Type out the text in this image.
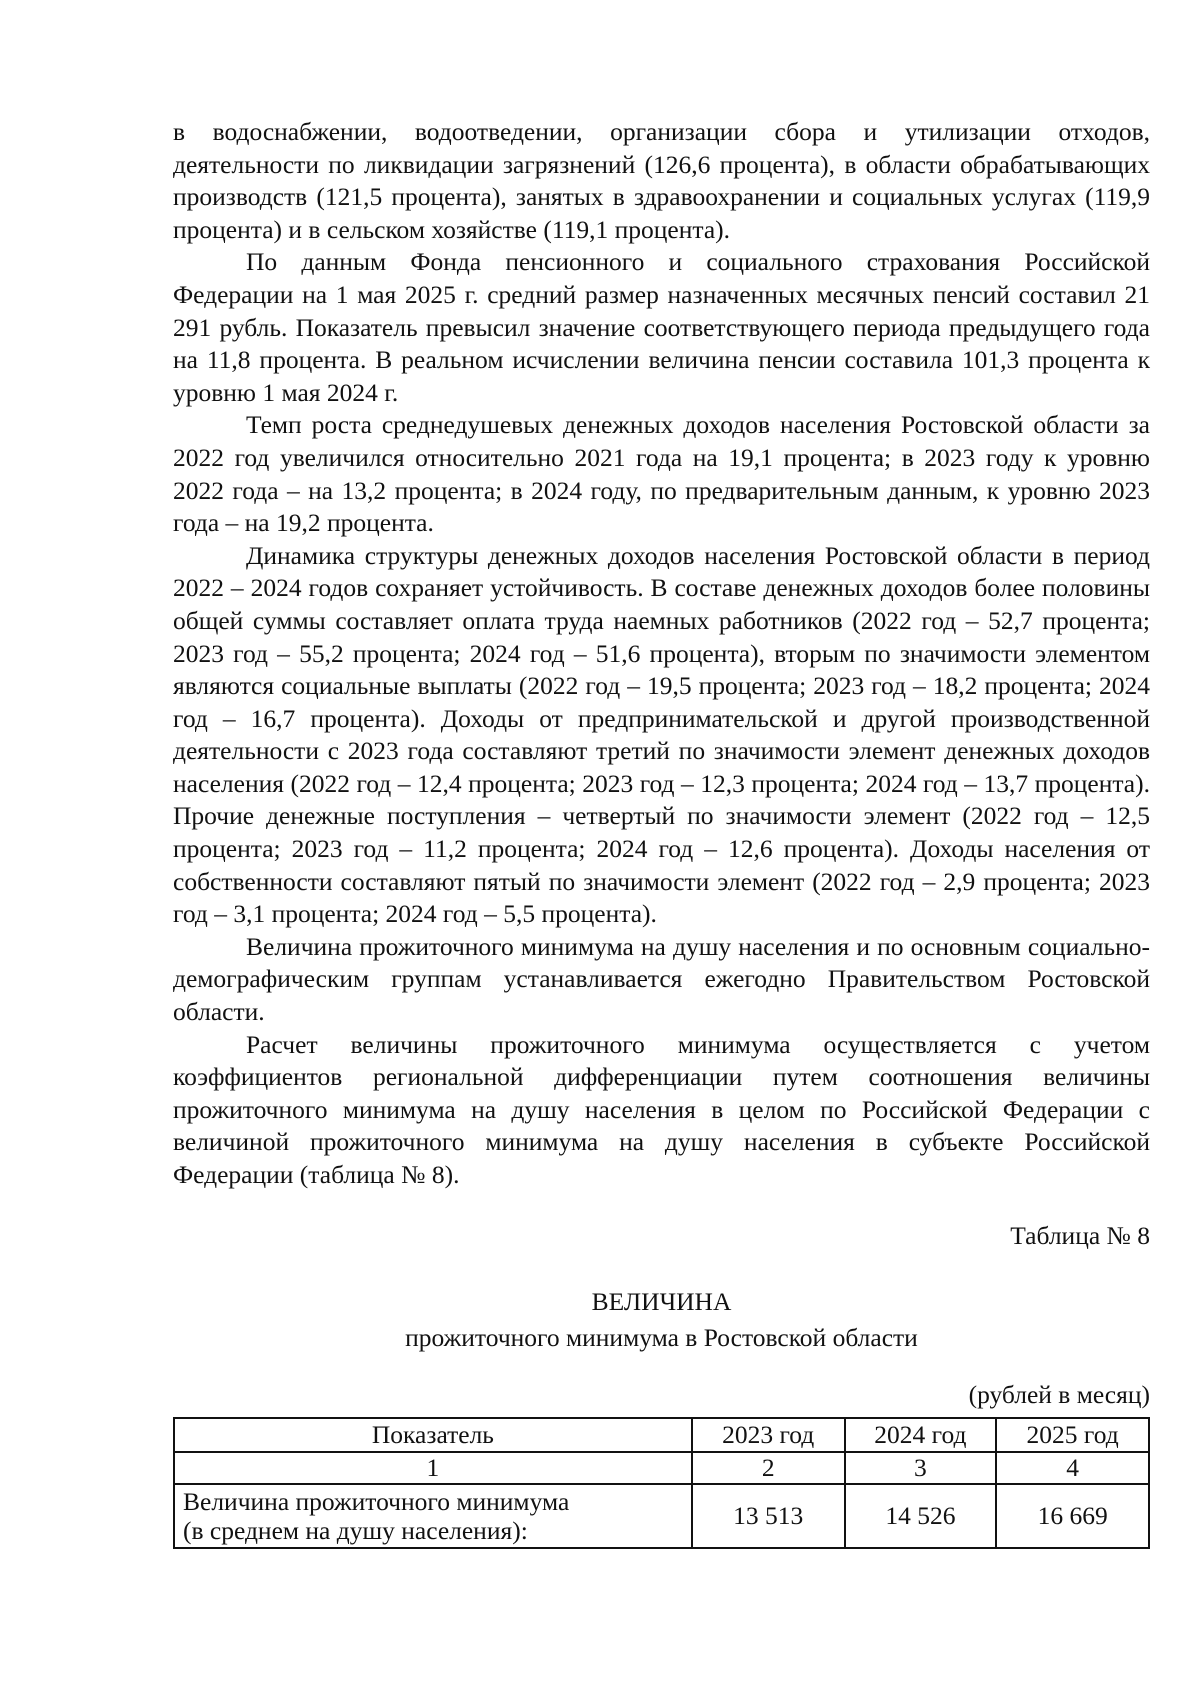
в водоснабжении, водоотведении, организации сбора и утилизации отходов, деятельности по ликвидации загрязнений (126,6 процента), в области обрабатывающих производств (121,5 процента), занятых в здравоохранении и социальных услугах (119,9 процента) и в сельском хозяйстве (119,1 процента).

По данным Фонда пенсионного и социального страхования Российской Федерации на 1 мая 2025 г. средний размер назначенных месячных пенсий составил 21 291 рубль. Показатель превысил значение соответствующего периода предыдущего года на 11,8 процента. В реальном исчислении величина пенсии составила 101,3 процента к уровню 1 мая 2024 г.

Темп роста среднедушевых денежных доходов населения Ростовской области за 2022 год увеличился относительно 2021 года на 19,1 процента; в 2023 году к уровню 2022 года – на 13,2 процента; в 2024 году, по предварительным данным, к уровню 2023 года – на 19,2 процента.

Динамика структуры денежных доходов населения Ростовской области в период 2022 – 2024 годов сохраняет устойчивость. В составе денежных доходов более половины общей суммы составляет оплата труда наемных работников (2022 год – 52,7 процента; 2023 год – 55,2 процента; 2024 год – 51,6 процента), вторым по значимости элементом являются социальные выплаты (2022 год – 19,5 процента; 2023 год – 18,2 процента; 2024 год – 16,7 процента). Доходы от предпринимательской и другой производственной деятельности с 2023 года составляют третий по значимости элемент денежных доходов населения (2022 год – 12,4 процента; 2023 год – 12,3 процента; 2024 год – 13,7 процента). Прочие денежные поступления – четвертый по значимости элемент (2022 год – 12,5 процента; 2023 год – 11,2 процента; 2024 год – 12,6 процента). Доходы населения от собственности составляют пятый по значимости элемент (2022 год – 2,9 процента; 2023 год – 3,1 процента; 2024 год – 5,5 процента).

Величина прожиточного минимума на душу населения и по основным социально-демографическим группам устанавливается ежегодно Правительством Ростовской области.

Расчет величины прожиточного минимума осуществляется с учетом коэффициентов региональной дифференциации путем соотношения величины прожиточного минимума на душу населения в целом по Российской Федерации с величиной прожиточного минимума на душу населения в субъекте Российской Федерации (таблица № 8).

Таблица № 8
ВЕЛИЧИНА
прожиточного минимума в Ростовской области
(рублей в месяц)
Показатель	2023 год	2024 год	2025 год
1	2	3	4

Величина прожиточного минимума
(в среднем на душу населения):	13 513	14 526	16 669
